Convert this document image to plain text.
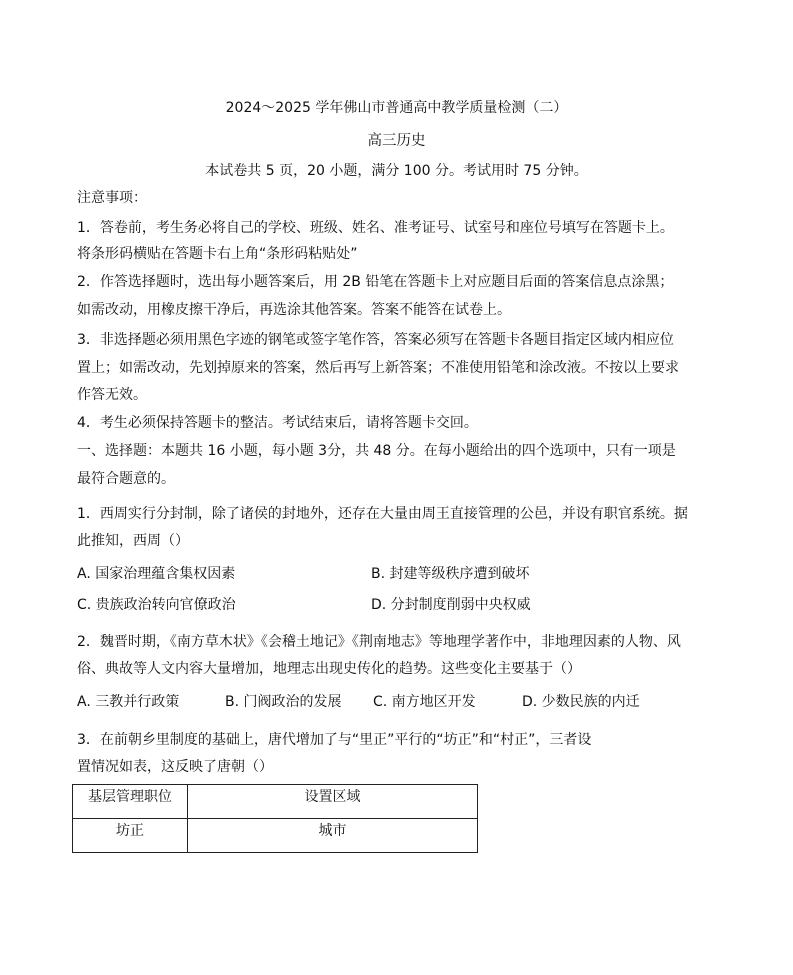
2024～2025 学年佛山市普通高中教学质量检测（二）
高三历史
本试卷共 5 页，20 小题，满分 100 分。考试用时 75 分钟。
注意事项：
1．答卷前，考生务必将自己的学校、班级、姓名、准考证号、试室号和座位号填写在答题卡上。
将条形码横贴在答题卡右上角“条形码粘贴处”
2．作答选择题时，选出每小题答案后，用 2B 铅笔在答题卡上对应题目后面的答案信息点涂黑；
如需改动，用橡皮擦干净后，再选涂其他答案。答案不能答在试卷上。
3．非选择题必须用黑色字迹的钢笔或签字笔作答，答案必须写在答题卡各题目指定区域内相应位
置上；如需改动，先划掉原来的答案，然后再写上新答案；不准使用铅笔和涂改液。不按以上要求
作答无效。
4．考生必须保持答题卡的整洁。考试结束后，请将答题卡交回。
一、选择题：本题共 16 小题，每小题 3分，共 48 分。在每小题给出的四个选项中，只有一项是
最符合题意的。
1．西周实行分封制，除了诸侯的封地外，还存在大量由周王直接管理的公邑，并设有职官系统。据
此推知，西周（）
A. 国家治理蕴含集权因素	B. 封建等级秩序遭到破坏
C. 贵族政治转向官僚政治	D. 分封制度削弱中央权威
2．魏晋时期，《南方草木状》《会稽土地记》《荆南地志》等地理学著作中，非地理因素的人物、风
俗、典故等人文内容大量增加，地理志出现史传化的趋势。这些变化主要基于（）
A. 三教并行政策	B. 门阀政治的发展 C. 南方地区开发	D. 少数民族的内迁
3．在前朝乡里制度的基础上，唐代增加了与“里正”平行的“坊正”和“村正”，三者设
置情况如表，这反映了唐朝（）
基层管理职位	设置区域
坊正	城市
